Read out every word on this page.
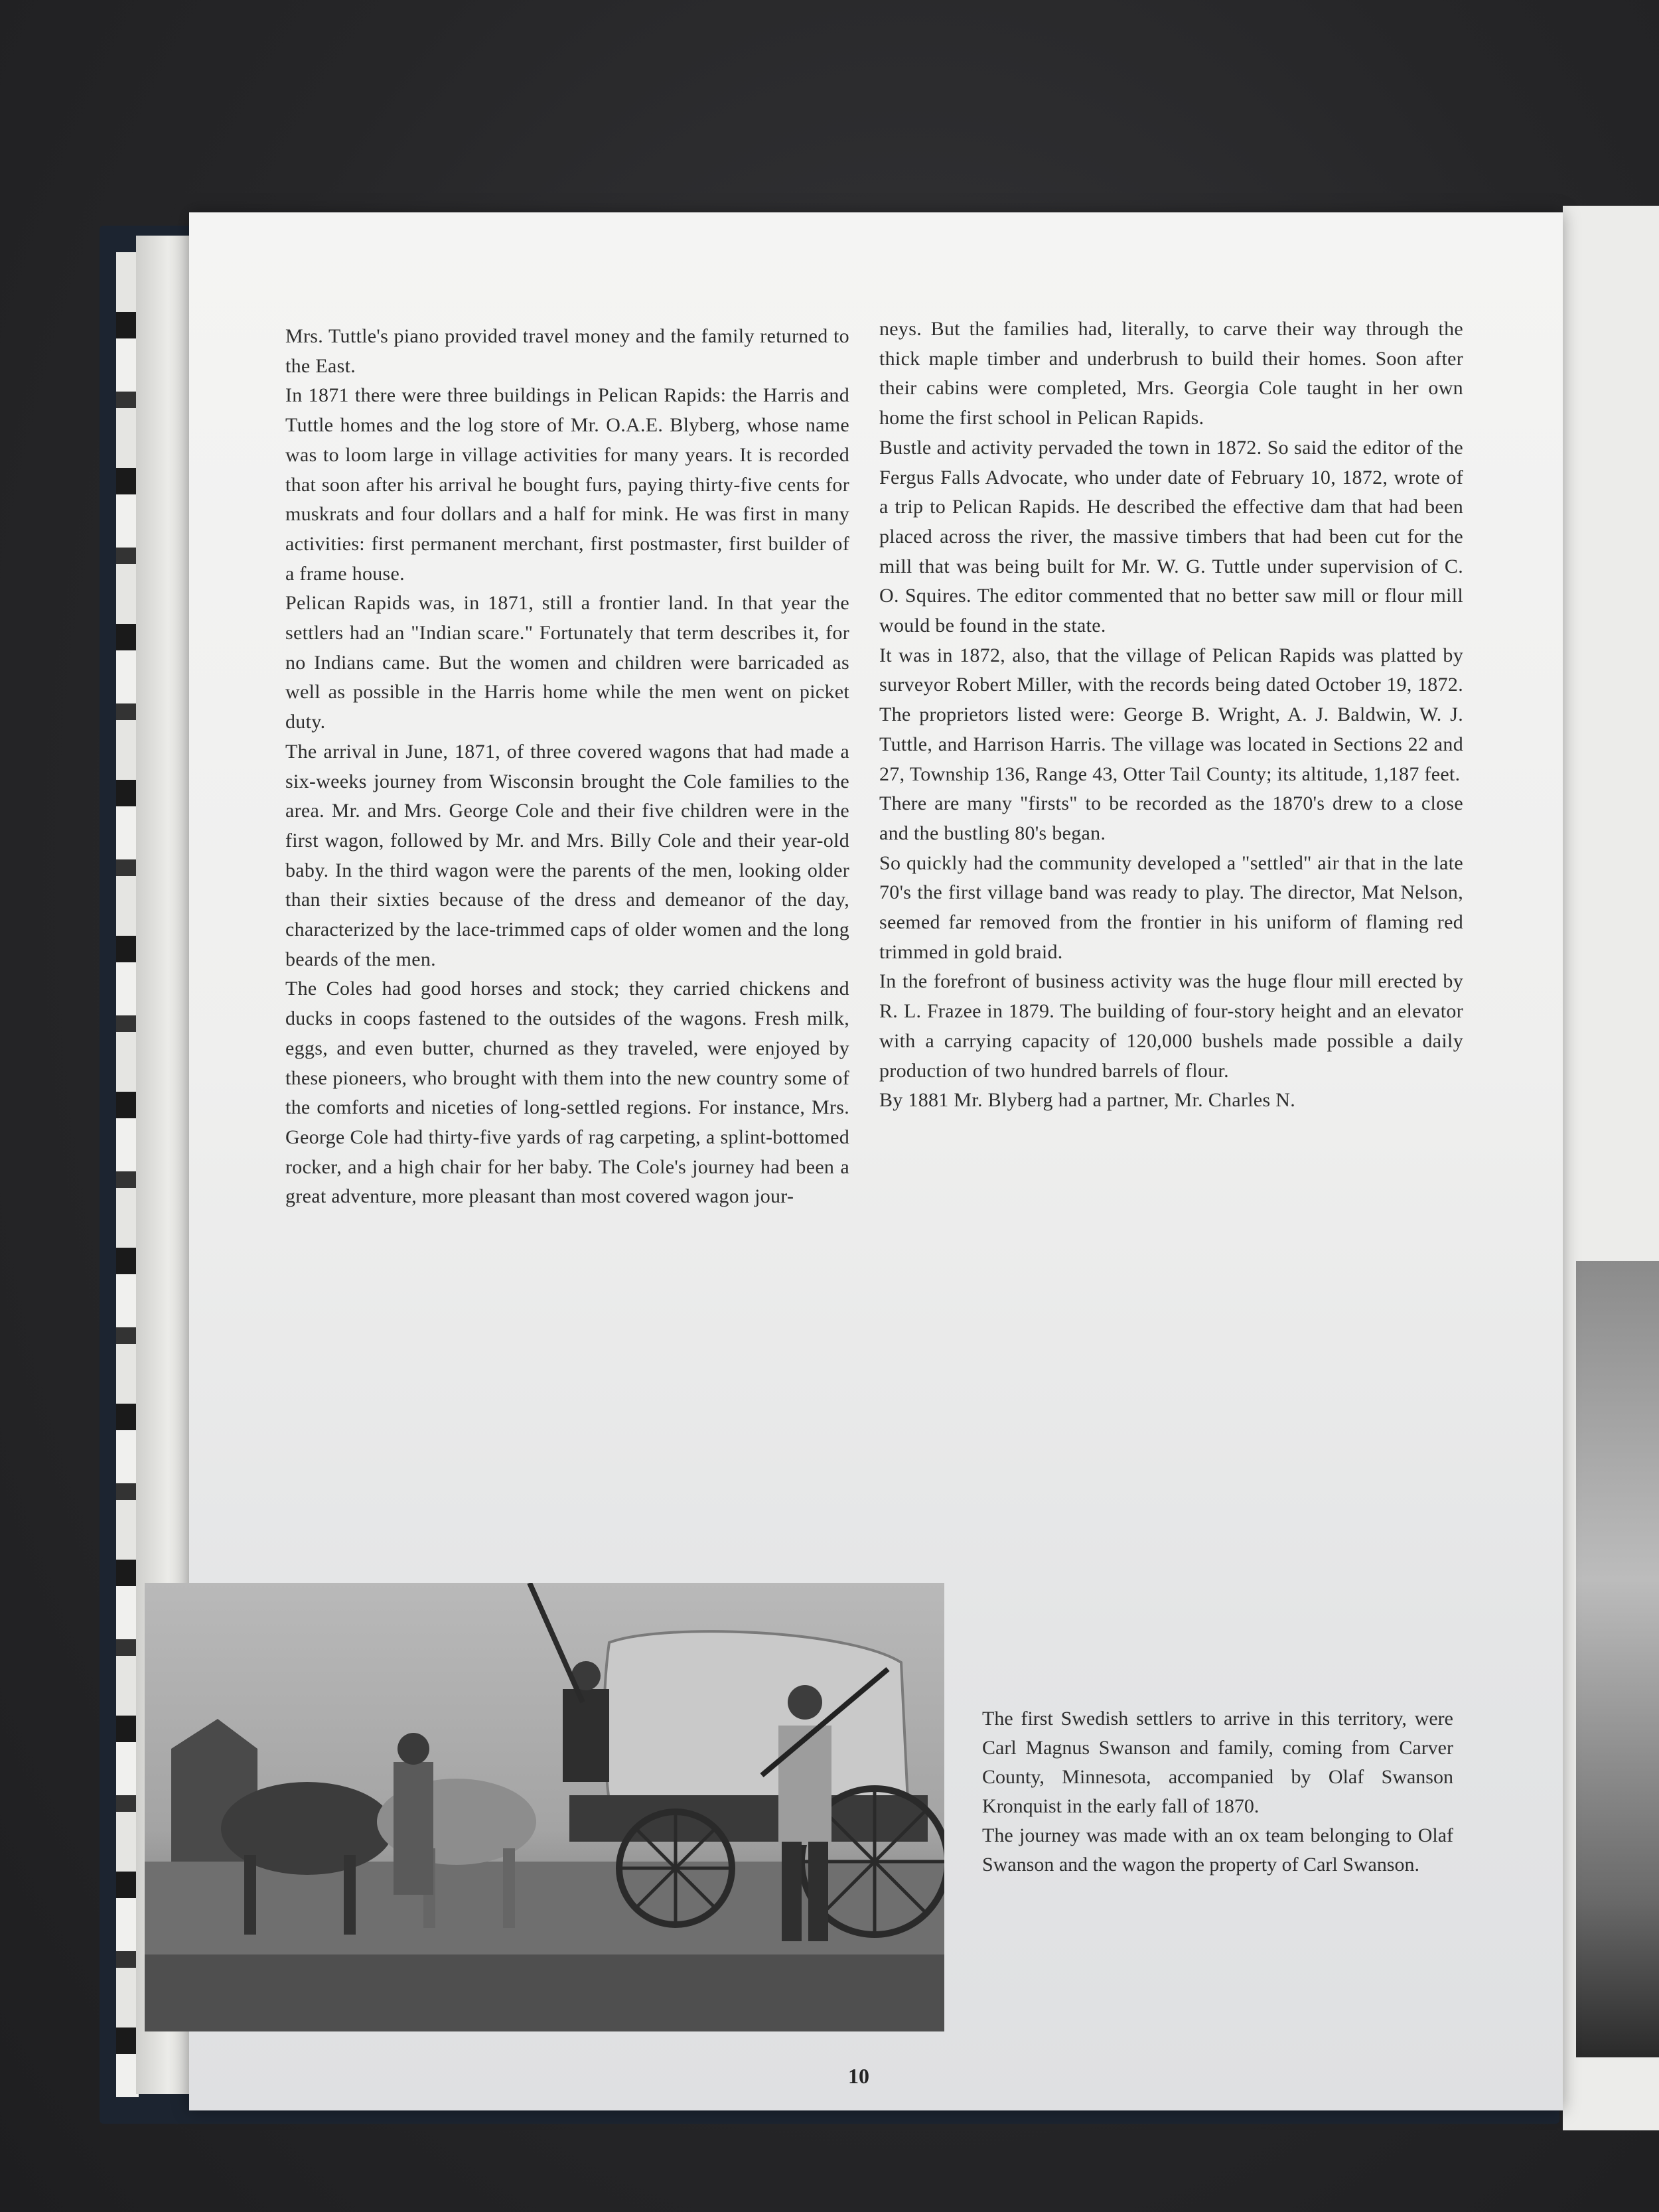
Mrs. Tuttle's piano provided travel money and the family returned to the East.

In 1871 there were three buildings in Pelican Rapids: the Harris and Tuttle homes and the log store of Mr. O.A.E. Blyberg, whose name was to loom large in village activities for many years. It is recorded that soon after his arrival he bought furs, paying thirty-five cents for muskrats and four dollars and a half for mink. He was first in many activities: first permanent merchant, first postmaster, first builder of a frame house.

Pelican Rapids was, in 1871, still a frontier land. In that year the settlers had an "Indian scare." Fortunately that term describes it, for no Indians came. But the women and children were barricaded as well as possible in the Harris home while the men went on picket duty.

The arrival in June, 1871, of three covered wagons that had made a six-weeks journey from Wisconsin brought the Cole families to the area. Mr. and Mrs. George Cole and their five children were in the first wagon, followed by Mr. and Mrs. Billy Cole and their year-old baby. In the third wagon were the parents of the men, looking older than their sixties because of the dress and demeanor of the day, characterized by the lace-trimmed caps of older women and the long beards of the men.

The Coles had good horses and stock; they carried chickens and ducks in coops fastened to the outsides of the wagons. Fresh milk, eggs, and even butter, churned as they traveled, were enjoyed by these pioneers, who brought with them into the new country some of the comforts and niceties of long-settled regions. For instance, Mrs. George Cole had thirty-five yards of rag carpeting, a splint-bottomed rocker, and a high chair for her baby. The Cole's journey had been a great adventure, more pleasant than most covered wagon jour-

neys. But the families had, literally, to carve their way through the thick maple timber and underbrush to build their homes. Soon after their cabins were completed, Mrs. Georgia Cole taught in her own home the first school in Pelican Rapids.

Bustle and activity pervaded the town in 1872. So said the editor of the Fergus Falls Advocate, who under date of February 10, 1872, wrote of a trip to Pelican Rapids. He described the effective dam that had been placed across the river, the massive timbers that had been cut for the mill that was being built for Mr. W. G. Tuttle under supervision of C. O. Squires. The editor commented that no better saw mill or flour mill would be found in the state.

It was in 1872, also, that the village of Pelican Rapids was platted by surveyor Robert Miller, with the records being dated October 19, 1872. The proprietors listed were: George B. Wright, A. J. Baldwin, W. J. Tuttle, and Harrison Harris. The village was located in Sections 22 and 27, Township 136, Range 43, Otter Tail County; its altitude, 1,187 feet.

There are many "firsts" to be recorded as the 1870's drew to a close and the bustling 80's began.

So quickly had the community developed a "settled" air that in the late 70's the first village band was ready to play. The director, Mat Nelson, seemed far removed from the frontier in his uniform of flaming red trimmed in gold braid.

In the forefront of business activity was the huge flour mill erected by R. L. Frazee in 1879. The building of four-story height and an elevator with a carrying capacity of 120,000 bushels made possible a daily production of two hundred barrels of flour.

By 1881 Mr. Blyberg had a partner, Mr. Charles N.

The first Swedish settlers to arrive in this territory, were Carl Magnus Swanson and family, coming from Carver County, Minnesota, accompanied by Olaf Swanson Kronquist in the early fall of 1870.

The journey was made with an ox team belonging to Olaf Swanson and the wagon the property of Carl Swanson.

10
